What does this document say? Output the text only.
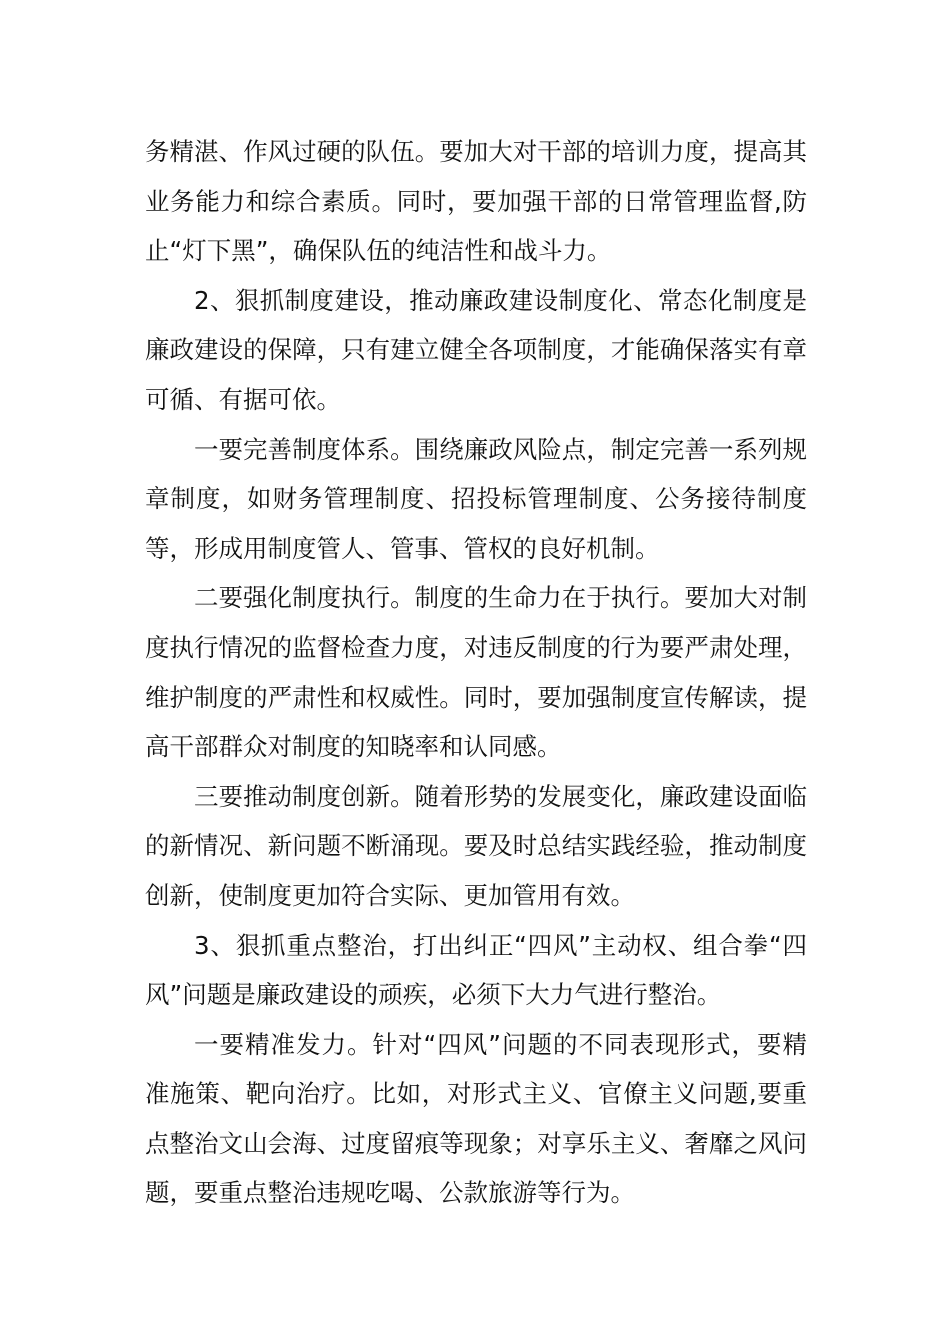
务精湛、作风过硬的队伍。要加大对干部的培训力度，提高其业务能力和综合素质。同时，要加强干部的日常管理监督,防止“灯下黑”，确保队伍的纯洁性和战斗力。

2、狠抓制度建设，推动廉政建设制度化、常态化制度是廉政建设的保障，只有建立健全各项制度，才能确保落实有章可循、有据可依。

一要完善制度体系。围绕廉政风险点，制定完善一系列规章制度，如财务管理制度、招投标管理制度、公务接待制度等，形成用制度管人、管事、管权的良好机制。

二要强化制度执行。制度的生命力在于执行。要加大对制度执行情况的监督检查力度，对违反制度的行为要严肃处理，维护制度的严肃性和权威性。同时，要加强制度宣传解读，提高干部群众对制度的知晓率和认同感。

三要推动制度创新。随着形势的发展变化，廉政建设面临的新情况、新问题不断涌现。要及时总结实践经验，推动制度创新，使制度更加符合实际、更加管用有效。

3、狠抓重点整治，打出纠正“四风”主动权、组合拳“四风”问题是廉政建设的顽疾，必须下大力气进行整治。

一要精准发力。针对“四风”问题的不同表现形式，要精准施策、靶向治疗。比如，对形式主义、官僚主义问题,要重点整治文山会海、过度留痕等现象；对享乐主义、奢靡之风问题，要重点整治违规吃喝、公款旅游等行为。
